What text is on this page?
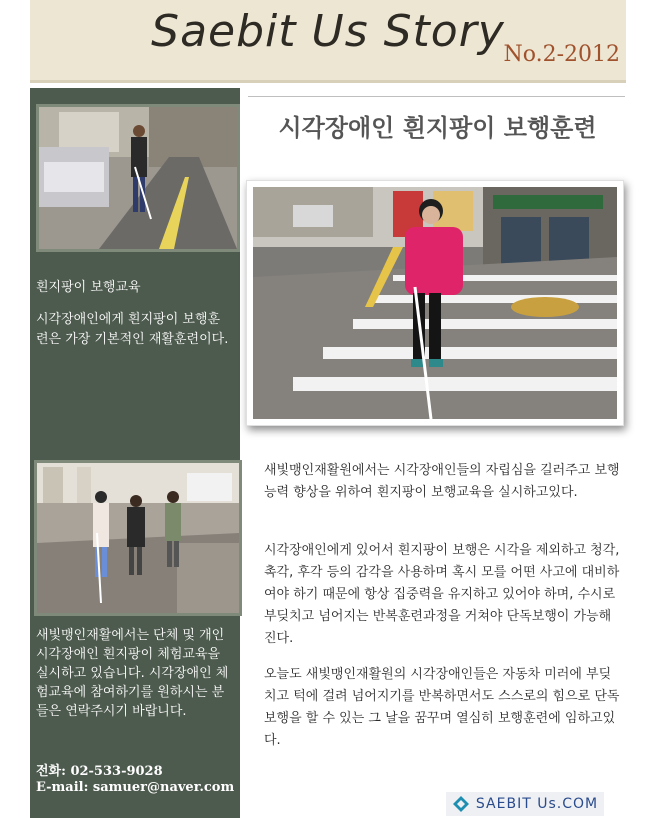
Saebit Us Story
No.2-2012
흰지팡이 보행교육
시각장애인에게 흰지팡이 보행훈련은 가장 기본적인 재활훈련이다.
새빛맹인재활에서는 단체 및 개인시각장애인 흰지팡이 체험교육을 실시하고 있습니다. 시각장애인 체험교육에 참여하기를 원하시는 분들은 연락주시기 바랍니다.
전화: 02-533-9028
E-mail: samuer@naver.com
시각장애인 흰지팡이 보행훈련
새빛맹인재활원에서는 시각장애인들의 자립심을 길러주고 보행능력 향상을 위하여 흰지팡이 보행교육을 실시하고있다.
시각장애인에게 있어서 흰지팡이 보행은 시각을 제외하고 청각, 촉각, 후각 등의 감각을 사용하며 혹시 모를 어떤 사고에 대비하여야 하기 때문에 항상 집중력을 유지하고 있어야 하며, 수시로 부딪치고 넘어지는 반복훈련과정을 거쳐야 단독보행이 가능해진다.
오늘도 새빛맹인재활원의 시각장애인들은 자동차 미러에 부딪치고 턱에 걸려 넘어지기를 반복하면서도 스스로의 힘으로 단독보행을 할 수 있는 그 날을 꿈꾸며 열심히 보행훈련에 임하고있다.
SAEBIT Us.COM
